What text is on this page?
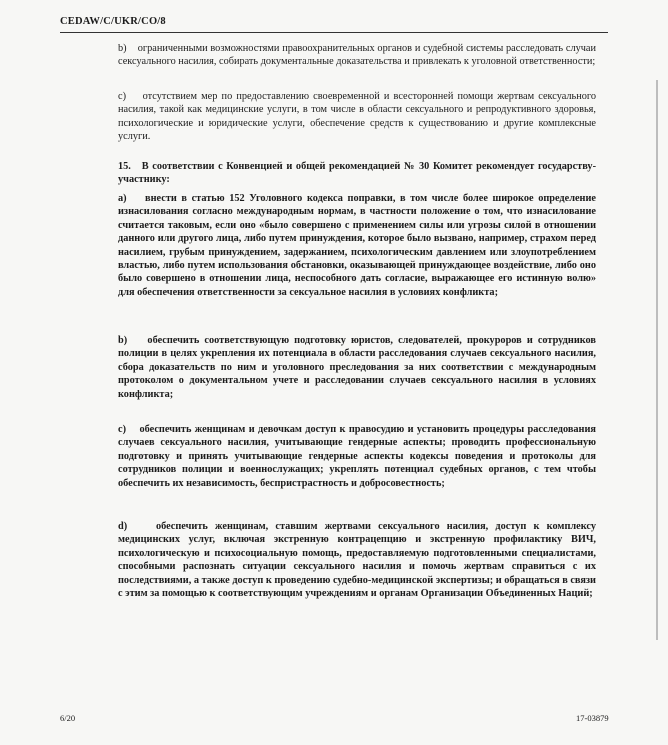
CEDAW/C/UKR/CO/8
b)    ограниченными возможностями правоохранительных органов и судебной системы расследовать случаи сексуального насилия, собирать документальные доказательства и привлекать к уголовной ответственности;
c)    отсутствием мер по предоставлению своевременной и всесторонней помощи жертвам сексуального насилия, такой как медицинские услуги, в том числе в области сексуального и репродуктивного здоровья, психологические и юридические услуги, обеспечение средств к существованию и другие комплексные услуги.
15.   В соответствии с Конвенцией и общей рекомендацией № 30 Комитет рекомендует государству-участнику:
а)    внести в статью 152 Уголовного кодекса поправки, в том числе более широкое определение изнасилования согласно международным нормам, в частности положение о том, что изнасилование считается таковым, если оно «было совершено с применением силы или угрозы силой в отношении данного или другого лица, либо путем принуждения, которое было вызвано, например, страхом перед насилием, грубым принуждением, задержанием, психологическим давлением или злоупотреблением властью, либо путем использования обстановки, оказывающей принуждающее воздействие, либо оно было совершено в отношении лица, неспособного дать согласие, выражающее его истинную волю» для обеспечения ответственности за сексуальное насилия в условиях конфликта;
b)    обеспечить соответствующую подготовку юристов, следователей, прокуроров и сотрудников полиции в целях укрепления их потенциала в области расследования случаев сексуального насилия, сбора доказательств по ним и уголовного преследования за них соответствии с международным протоколом о документальном учете и расследовании случаев сексуального насилия в условиях конфликта;
c)    обеспечить женщинам и девочкам доступ к правосудию и установить процедуры расследования случаев сексуального насилия, учитывающие гендерные аспекты; проводить профессиональную подготовку и принять учитывающие гендерные аспекты кодексы поведения и протоколы для сотрудников полиции и военнослужащих; укреплять потенциал судебных органов, с тем чтобы обеспечить их независимость, беспристрастность и добросовестность;
d)    обеспечить женщинам, ставшим жертвами сексуального насилия, доступ к комплексу медицинских услуг, включая экстренную контрацепцию и экстренную профилактику ВИЧ, психологическую и психосоциальную помощь, предоставляемую подготовленными специалистами, способными распознать ситуации сексуального насилия и помочь жертвам справиться с их последствиями, а также доступ к проведению судебно-медицинской экспертизы; и обращаться в связи с этим за помощью к соответствующим учреждениям и органам Организации Объединенных Наций;
6/20	17-03879
